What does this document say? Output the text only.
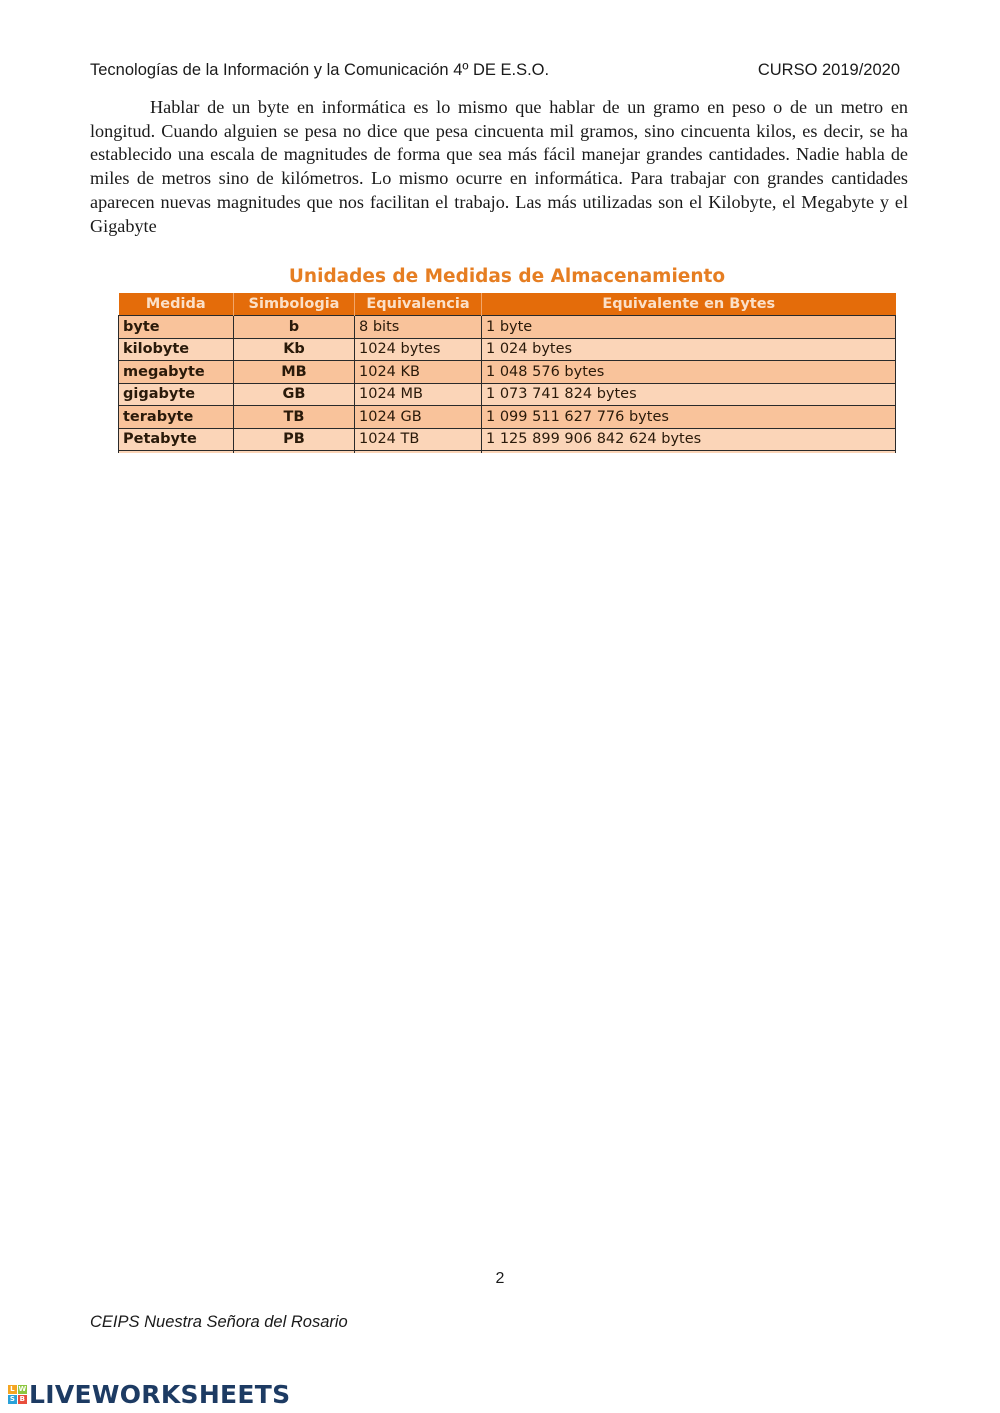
Tecnologías de la Información y la Comunicación 4º DE E.S.O.	CURSO 2019/2020

Hablar de un byte en informática es lo mismo que hablar de un gramo en peso o de un metro en longitud. Cuando alguien se pesa no dice que pesa cincuenta mil gramos, sino cincuenta kilos, es decir, se ha establecido una escala de magnitudes de forma que sea más fácil manejar grandes cantidades. Nadie habla de miles de metros sino de kilómetros. Lo mismo ocurre en informática. Para trabajar con grandes cantidades aparecen nuevas magnitudes que nos facilitan el trabajo. Las más utilizadas son el Kilobyte, el Megabyte y el Gigabyte

Unidades de Medidas de Almacenamiento
Medida	Simbologia	Equivalencia	Equivalente en Bytes
byte	b	8 bits	1 byte
kilobyte	Kb	1024 bytes	1 024 bytes
megabyte	MB	1024 KB	1 048 576 bytes
gigabyte	GB	1024 MB	1 073 741 824 bytes
terabyte	TB	1024 GB	1 099 511 627 776 bytes
Petabyte	PB	1024 TB	1 125 899 906 842 624 bytes

2
CEIPS Nuestra Señora del Rosario
L W
S B LIVEWORKSHEETS
